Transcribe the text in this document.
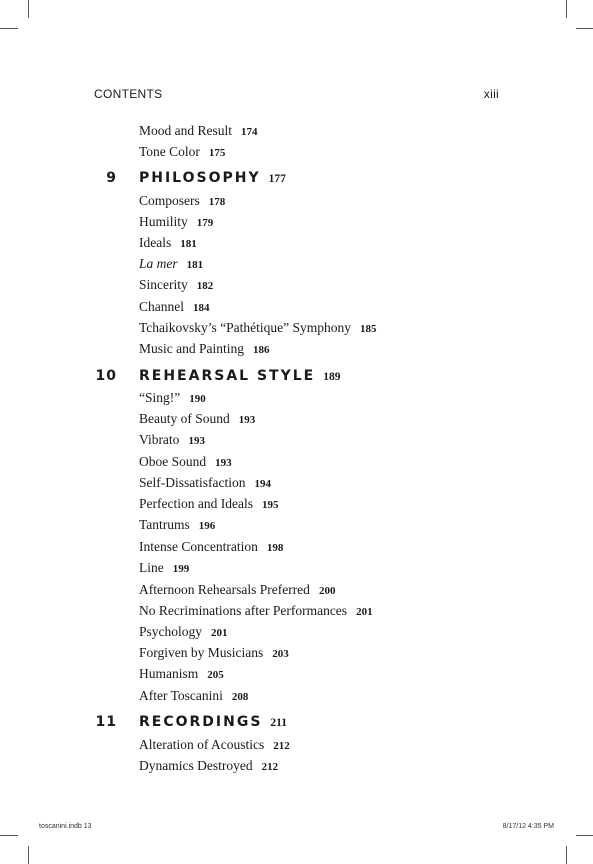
CONTENTS	xiii
Mood and Result 174
Tone Color 175
9 PHILOSOPHY 177
Composers 178
Humility 179
Ideals 181
La mer 181
Sincerity 182
Channel 184
Tchaikovsky’s “Pathétique” Symphony 185
Music and Painting 186
10 REHEARSAL STYLE 189
“Sing!” 190
Beauty of Sound 193
Vibrato 193
Oboe Sound 193
Self-Dissatisfaction 194
Perfection and Ideals 195
Tantrums 196
Intense Concentration 198
Line 199
Afternoon Rehearsals Preferred 200
No Recriminations after Performances 201
Psychology 201
Forgiven by Musicians 203
Humanism 205
After Toscanini 208
11 RECORDINGS 211
Alteration of Acoustics 212
Dynamics Destroyed 212
toscanini.indb 13	8/17/12 4:35 PM
